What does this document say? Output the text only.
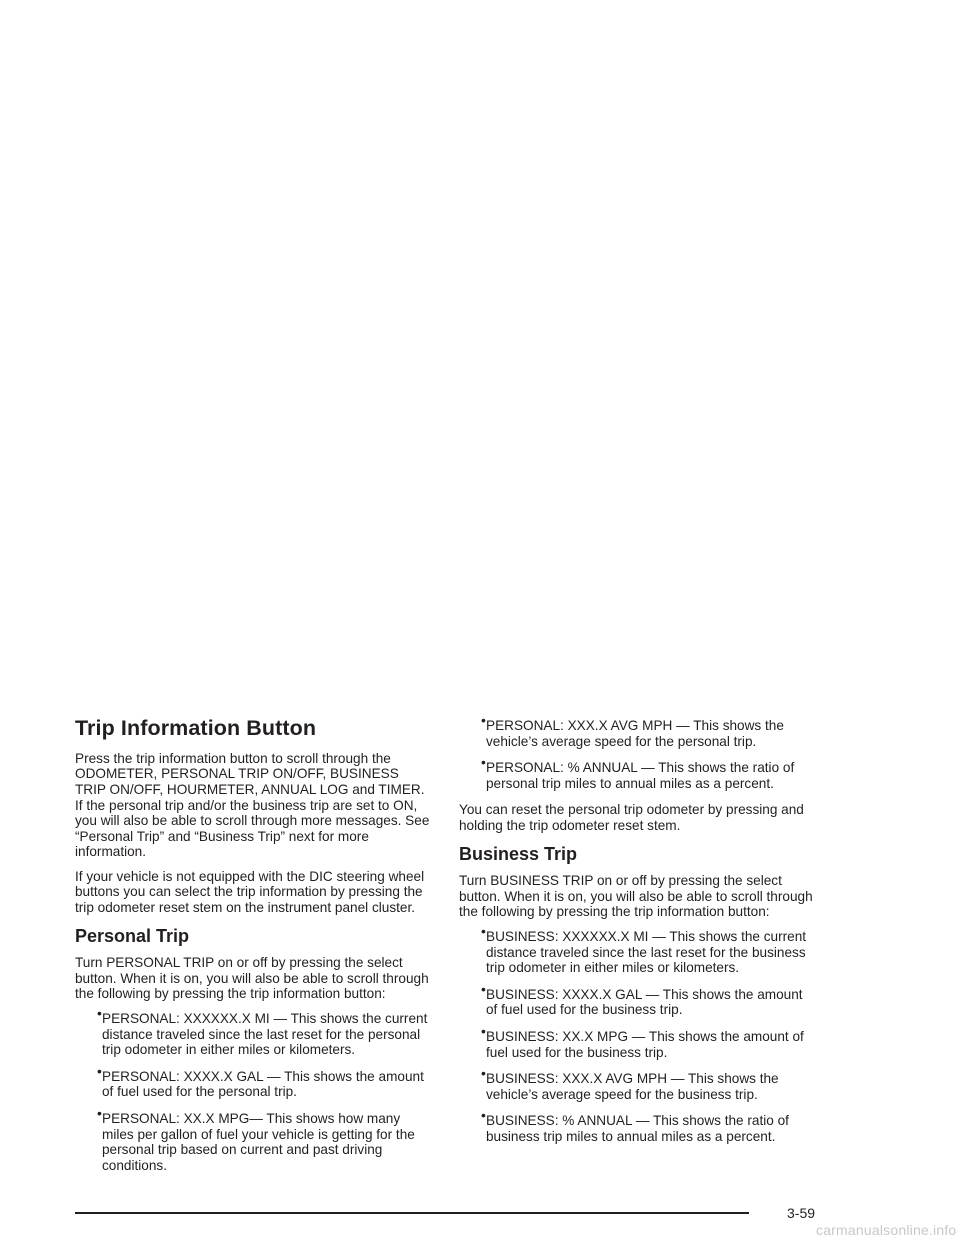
Trip Information Button

Press the trip information button to scroll through the ODOMETER, PERSONAL TRIP ON/OFF, BUSINESS TRIP ON/OFF, HOURMETER, ANNUAL LOG and TIMER. If the personal trip and/or the business trip are set to ON, you will also be able to scroll through more messages. See “Personal Trip” and “Business Trip” next for more information.

If your vehicle is not equipped with the DIC steering wheel buttons you can select the trip information by pressing the trip odometer reset stem on the instrument panel cluster.

Personal Trip

Turn PERSONAL TRIP on or off by pressing the select button. When it is on, you will also be able to scroll through the following by pressing the trip information button:

• PERSONAL: XXXXXX.X MI — This shows the current distance traveled since the last reset for the personal trip odometer in either miles or kilometers.
• PERSONAL: XXXX.X GAL — This shows the amount of fuel used for the personal trip.
• PERSONAL: XX.X MPG— This shows how many miles per gallon of fuel your vehicle is getting for the personal trip based on current and past driving conditions.
• PERSONAL: XXX.X AVG MPH — This shows the vehicle’s average speed for the personal trip.
• PERSONAL: % ANNUAL — This shows the ratio of personal trip miles to annual miles as a percent.

You can reset the personal trip odometer by pressing and holding the trip odometer reset stem.

Business Trip

Turn BUSINESS TRIP on or off by pressing the select button. When it is on, you will also be able to scroll through the following by pressing the trip information button:

• BUSINESS: XXXXXX.X MI — This shows the current distance traveled since the last reset for the business trip odometer in either miles or kilometers.
• BUSINESS: XXXX.X GAL — This shows the amount of fuel used for the business trip.
• BUSINESS: XX.X MPG — This shows the amount of fuel used for the business trip.
• BUSINESS: XXX.X AVG MPH — This shows the vehicle’s average speed for the business trip.
• BUSINESS: % ANNUAL — This shows the ratio of business trip miles to annual miles as a percent.
3-59
carmanualsonline.info
